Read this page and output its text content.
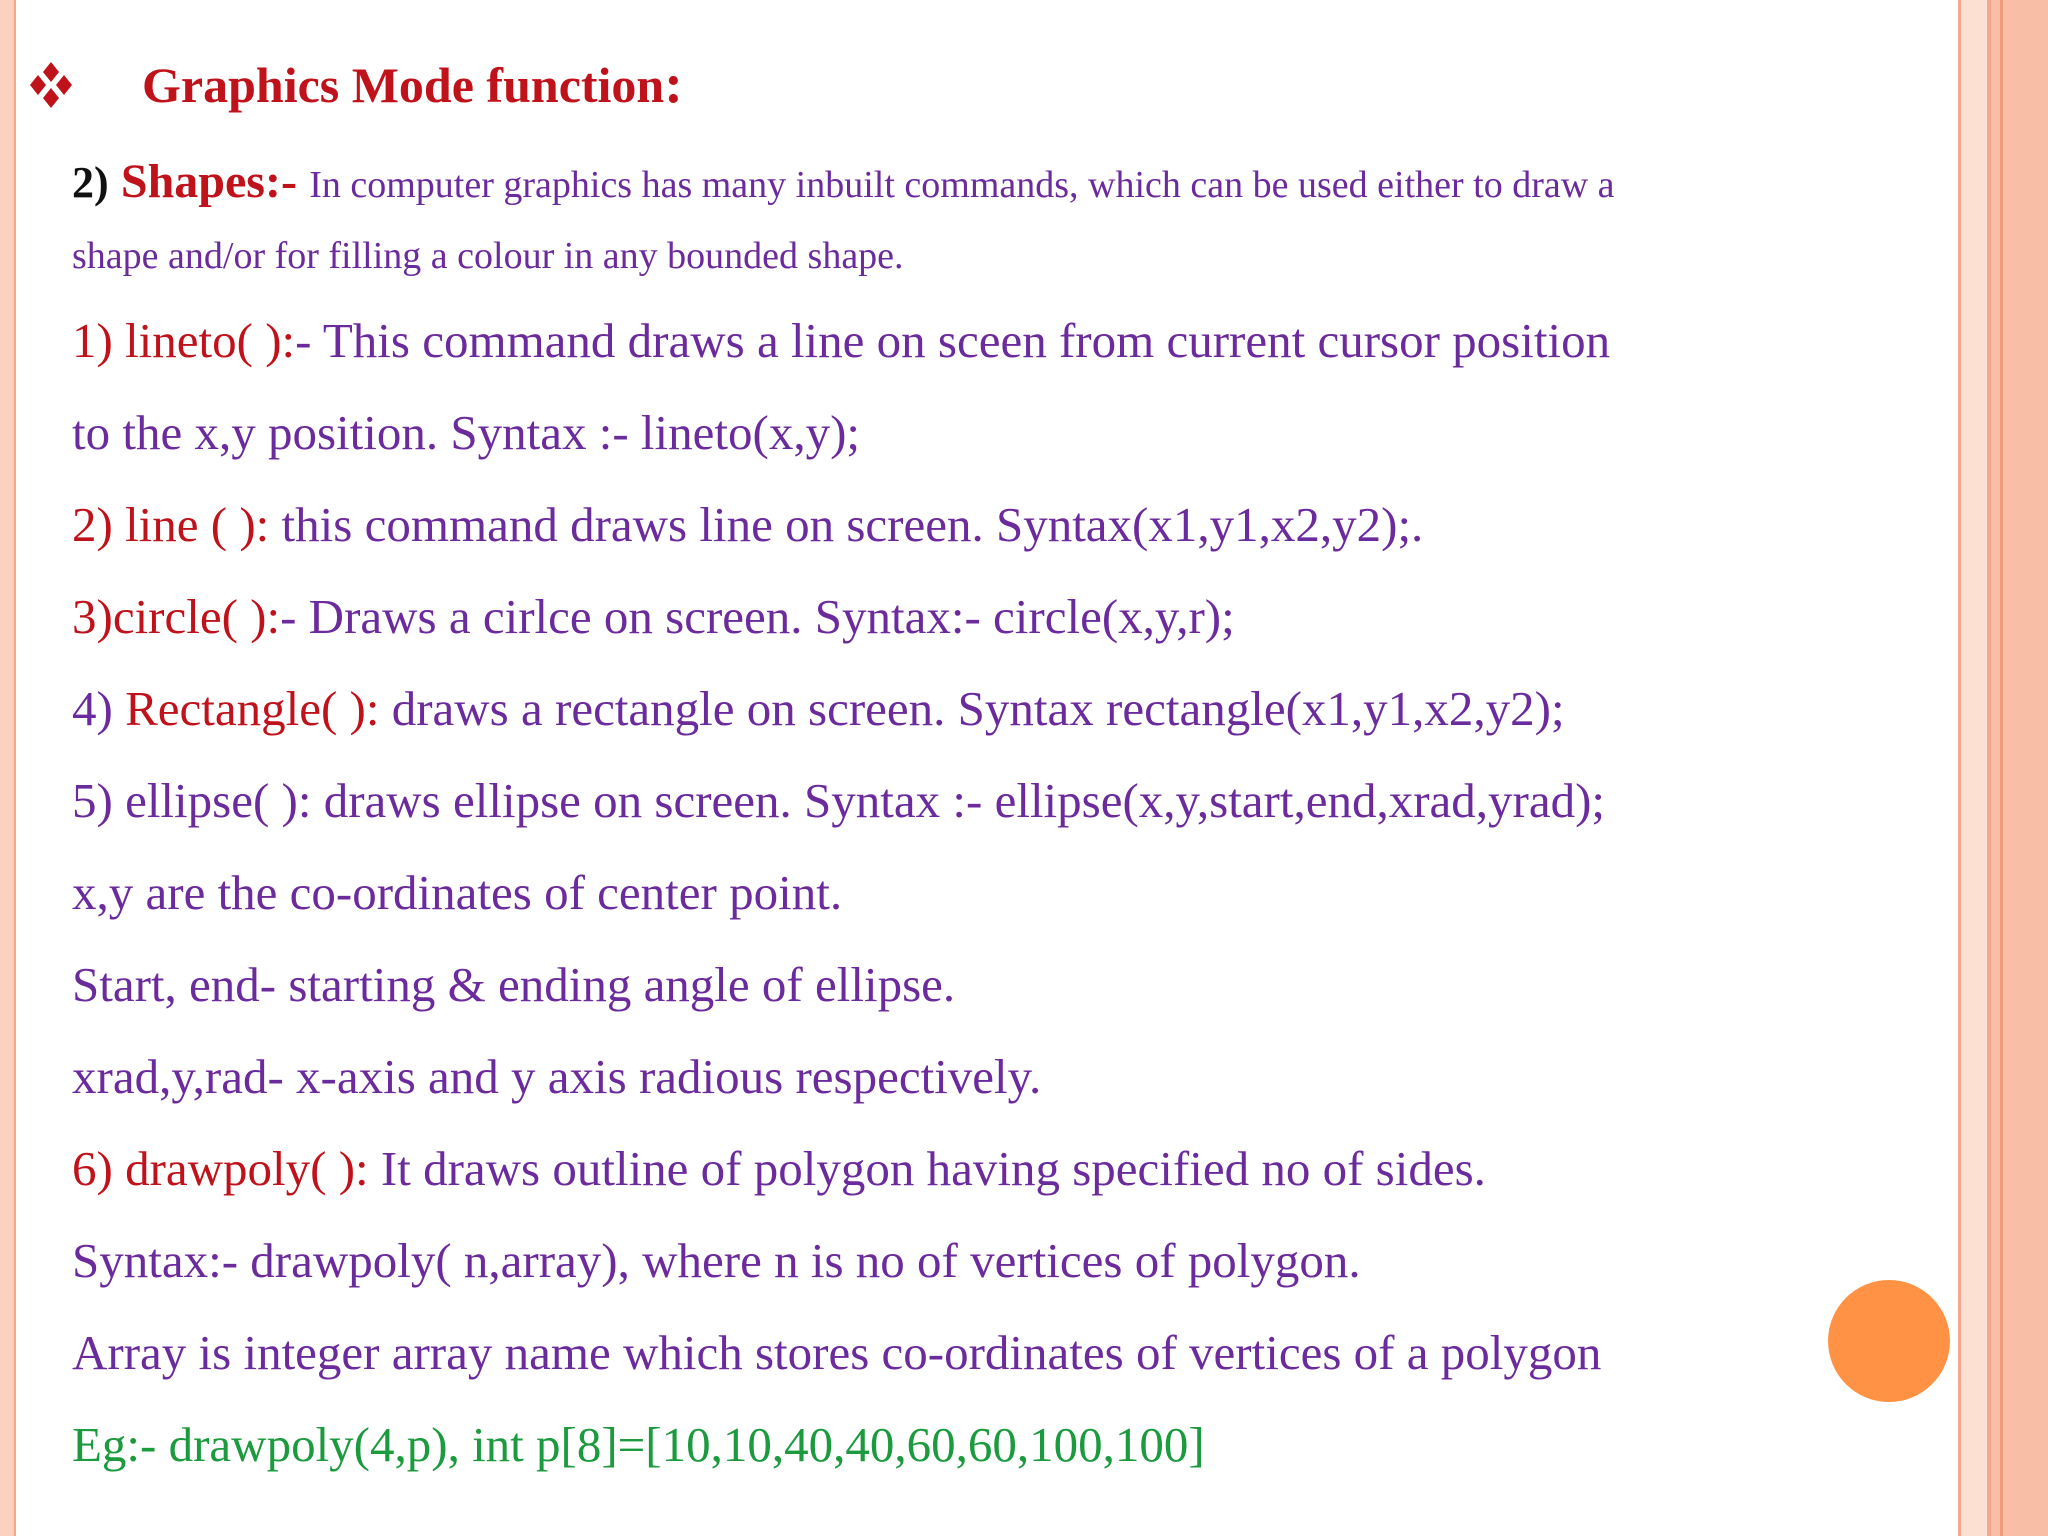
Graphics Mode function:
2) Shapes:- In computer graphics has many inbuilt commands, which can be used either to draw a
shape and/or for filling a colour in any bounded shape.
1) lineto( ):- This command draws a line on sceen from current cursor position
to the x,y position. Syntax :- lineto(x,y);
2) line ( ): this command draws line on screen. Syntax(x1,y1,x2,y2);.
3)circle( ):- Draws a cirlce on screen. Syntax:- circle(x,y,r);
4) Rectangle( ): draws a rectangle on screen. Syntax rectangle(x1,y1,x2,y2);
5) ellipse( ): draws ellipse on screen. Syntax :- ellipse(x,y,start,end,xrad,yrad);
x,y are the co-ordinates of center point.
Start, end- starting & ending angle of ellipse.
xrad,y,rad- x-axis and y axis radious respectively.
6) drawpoly( ): It draws outline of polygon having specified no of sides.
Syntax:- drawpoly( n,array), where n is no of vertices of polygon.
Array is integer array name which stores co-ordinates of vertices of a polygon
Eg:- drawpoly(4,p), int p[8]=[10,10,40,40,60,60,100,100]
